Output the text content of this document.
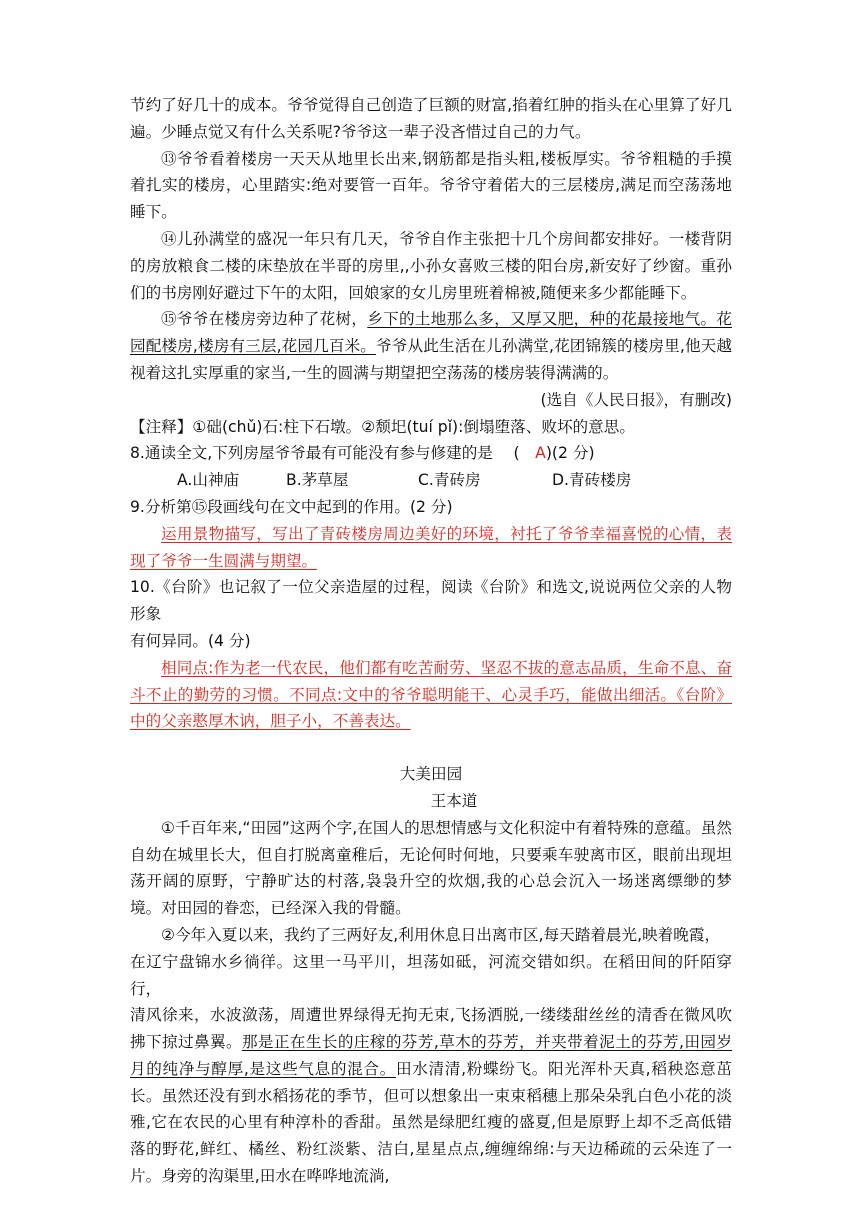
节约了好几十的成本。爷爷觉得自己创造了巨额的财富,掐着红肿的指头在心里算了好几遍。少睡点觉又有什么关系呢?爷爷这一辈子没吝惜过自己的力气。

⑬爷爷看着楼房一天天从地里长出来,钢筋都是指头粗,楼板厚实。爷爷粗糙的手摸着扎实的楼房，心里踏实:绝对要管一百年。爷爷守着偌大的三层楼房,满足而空荡荡地睡下。

⑭儿孙满堂的盛况一年只有几天，爷爷自作主张把十几个房间都安排好。一楼背阴的房放粮食二楼的床垫放在半哥的房里,,小孙女喜败三楼的阳台房,新安好了纱窗。重孙们的书房刚好避过下午的太阳，回娘家的女儿房里班着棉被,随便来多少都能睡下。

⑮爷爷在楼房旁边种了花树，乡下的土地那么多，又厚又肥，种的花最接地气。花园配楼房,楼房有三层,花园几百米。爷爷从此生活在儿孙满堂,花团锦簇的楼房里,他天越视着这扎实厚重的家当,一生的圆满与期望把空荡荡的楼房装得满满的。

(选自《人民日报》，有删改)

【注释】①础(chǔ)石:柱下石墩。②颓圯(tuí pǐ):倒塌堕落、败坏的意思。

8.通读全文,下列房屋爷爷最有可能没有参与修建的是　 (　A)(2 分)

A.山神庙	B.茅草屋	C.青砖房	D.青砖楼房

9.分析第⑮段画线句在文中起到的作用。(2 分)

运用景物描写，写出了青砖楼房周边美好的环境，衬托了爷爷幸福喜悦的心情，表现了爷爷一生圆满与期望。

10.《台阶》也记叙了一位父亲造屋的过程，阅读《台阶》和选文,说说两位父亲的人物形象

有何异同。(4 分)

相同点:作为老一代农民，他们都有吃苦耐劳、坚忍不拔的意志品质，生命不息、奋斗不止的勤劳的习惯。不同点:文中的爷爷聪明能干、心灵手巧，能做出细活。《台阶》中的父亲憨厚木讷，胆子小，不善表达。

大美田园

王本道

①千百年来,“田园”这两个字,在国人的思想情感与文化积淀中有着特殊的意蕴。虽然自幼在城里长大，但自打脱离童稚后，无论何时何地，只要乘车驶离市区，眼前出现坦荡开阔的原野，宁静旷达的村落,袅袅升空的炊烟,我的心总会沉入一场迷离缥缈的梦境。对田园的眷恋，已经深入我的骨髓。

②今年入夏以来，我约了三两好友,利用休息日出离市区,每天踏着晨光,映着晚霞，

在辽宁盘锦水乡徜徉。这里一马平川，坦荡如砥，河流交错如织。在稻田间的阡陌穿行，

清风徐来，水波潋荡，周遭世界绿得无拘无束,飞扬洒脱,一缕缕甜丝丝的清香在微风吹拂下掠过鼻翼。那是正在生长的庄稼的芬芳,草木的芬芳，并夹带着泥土的芬芳,田园岁月的纯净与醇厚,是这些气息的混合。田水清清,粉蝶纷飞。阳光浑朴天真,稻秧恣意茁长。虽然还没有到水稻扬花的季节，但可以想象出一束束稻穗上那朵朵乳白色小花的淡雅,它在农民的心里有种淳朴的香甜。虽然是绿肥红瘦的盛夏,但是原野上却不乏高低错落的野花,鲜红、橘丝、粉红淡紫、洁白,星星点点,缠缠绵绵:与天边稀疏的云朵连了一片。身旁的沟渠里,田水在哗哗地流淌,
